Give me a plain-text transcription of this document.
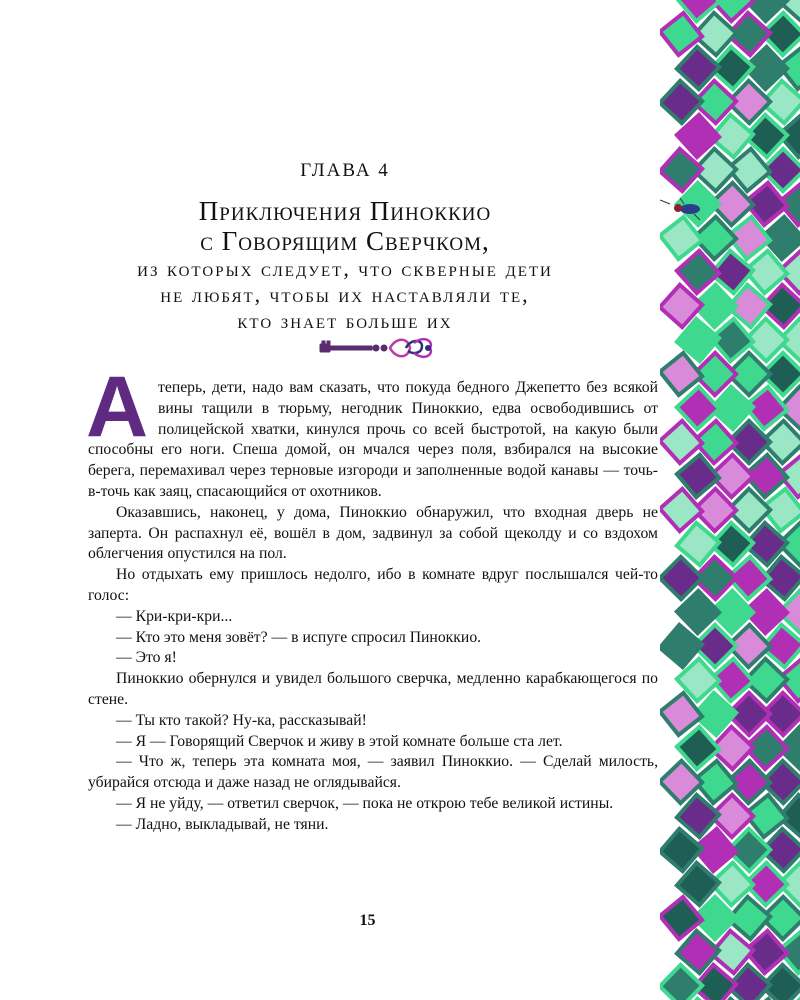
ГЛАВА 4
Приключения Пиноккио
с Говорящим Сверчком,
из которых следует, что скверные дети
не любят, чтобы их наставляли те,
кто знает больше их
А теперь, дети, надо вам сказать, что покуда бедного Джепетто без всякой вины тащили в тюрьму, негодник Пиноккио, едва освободившись от полицейской хватки, кинулся прочь со всей быстротой, на какую были способны его ноги. Спеша домой, он мчался через поля, взбирался на высокие берега, перемахивал через терновые изгороди и заполненные водой канавы — точь-в-точь как заяц, спасающийся от охотников.

Оказавшись, наконец, у дома, Пиноккио обнаружил, что входная дверь не заперта. Он распахнул её, вошёл в дом, задвинул за собой щеколду и со вздохом облегчения опустился на пол.

Но отдыхать ему пришлось недолго, ибо в комнате вдруг послышался чей-то голос:

— Кри-кри-кри...

— Кто это меня зовёт? — в испуге спросил Пиноккио.

— Это я!

Пиноккио обернулся и увидел большого сверчка, медленно карабкающегося по стене.

— Ты кто такой? Ну-ка, рассказывай!

— Я — Говорящий Сверчок и живу в этой комнате больше ста лет.

— Что ж, теперь эта комната моя, — заявил Пиноккио. — Сделай милость, убирайся отсюда и даже назад не оглядывайся.

— Я не уйду, — ответил сверчок, — пока не открою тебе великой истины.

— Ладно, выкладывай, не тяни.

15
